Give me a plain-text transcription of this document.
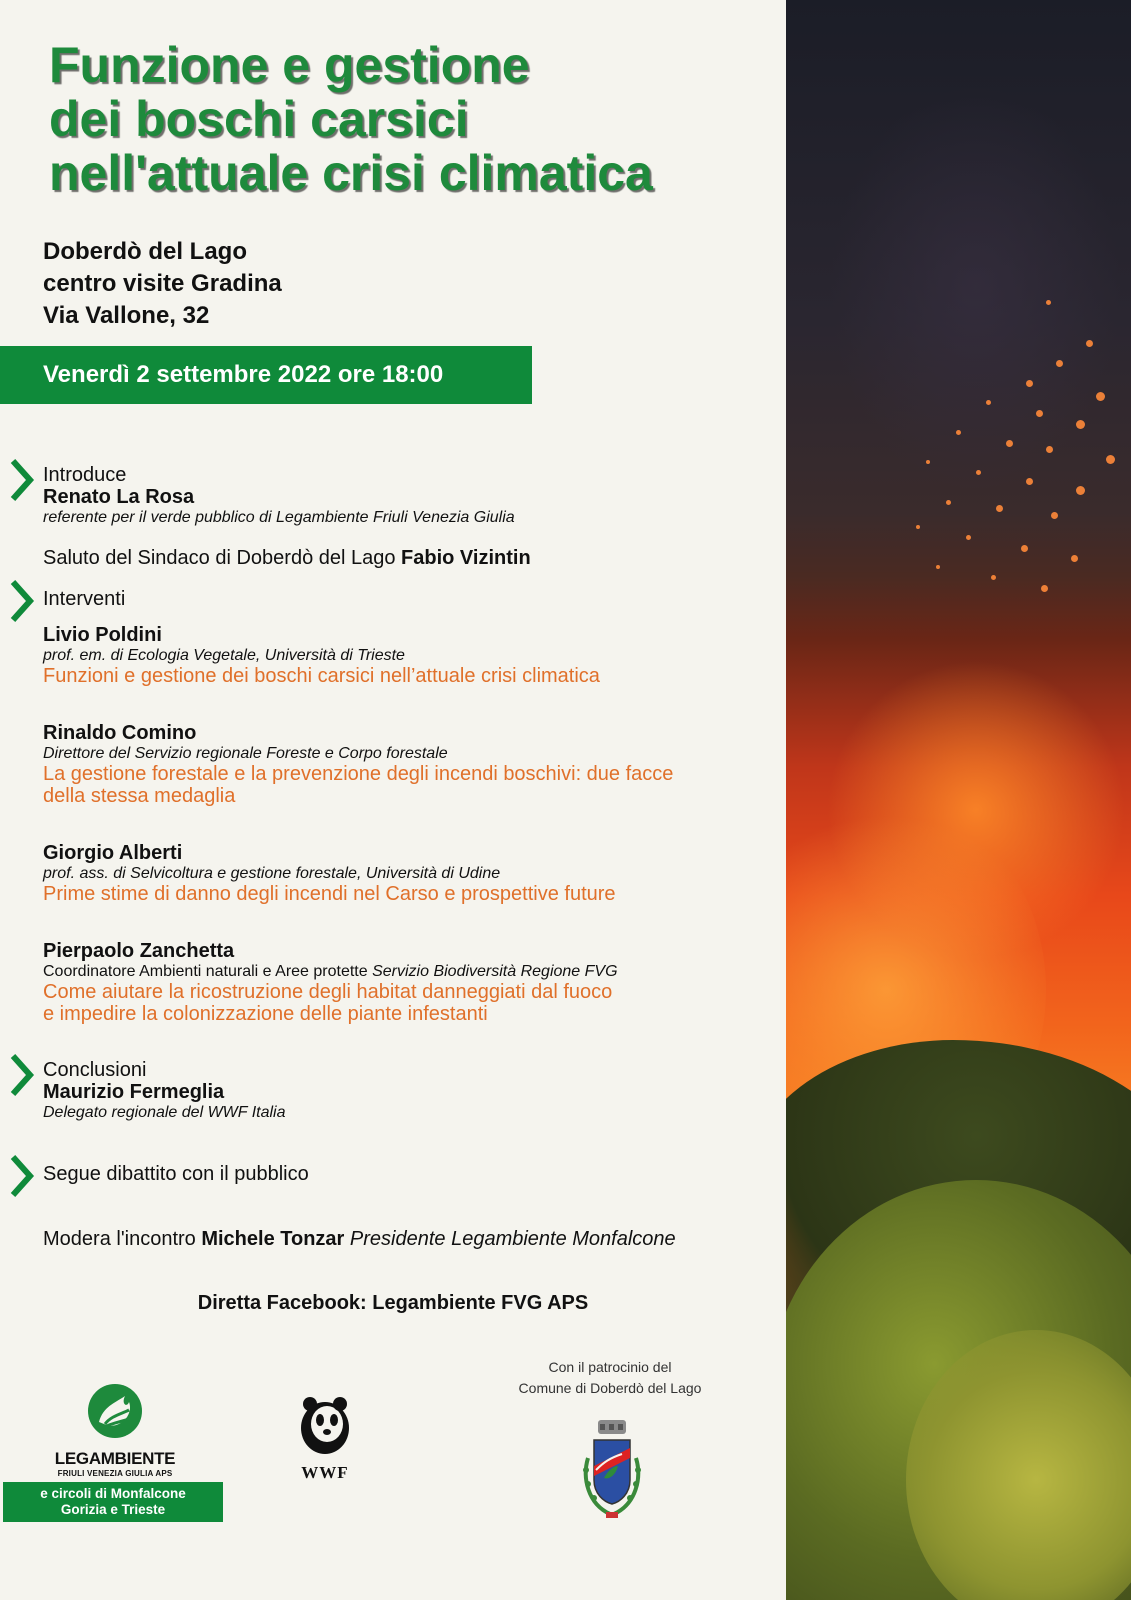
Funzione e gestione
dei boschi carsici
nell'attuale crisi climatica
Doberdò del Lago
centro visite Gradina
Via Vallone, 32
Venerdì 2 settembre 2022 ore 18:00
Introduce
Renato La Rosa
referente per il verde pubblico di Legambiente Friuli Venezia Giulia
Saluto del Sindaco di Doberdò del Lago Fabio Vizintin
Interventi
Livio Poldini
prof. em. di Ecologia Vegetale, Università di Trieste
Funzioni e gestione dei boschi carsici nell’attuale crisi climatica
Rinaldo Comino
Direttore del Servizio regionale Foreste e Corpo forestale
La gestione forestale e la prevenzione degli incendi boschivi: due facce
della stessa medaglia
Giorgio Alberti
prof. ass. di Selvicoltura e gestione forestale, Università di Udine
Prime stime di danno degli incendi nel Carso e prospettive future
Pierpaolo Zanchetta
Coordinatore Ambienti naturali e Aree protette Servizio Biodiversità Regione FVG
Come aiutare la ricostruzione degli habitat danneggiati dal fuoco
e impedire la colonizzazione delle piante infestanti
Conclusioni
Maurizio Fermeglia
Delegato regionale del WWF Italia
Segue dibattito con il pubblico
Modera l'incontro Michele Tonzar Presidente Legambiente Monfalcone
Diretta Facebook: Legambiente FVG APS
LEGAMBIENTE
FRIULI VENEZIA GIULIA APS
e circoli di Monfalcone
Gorizia e Trieste
WWF
Con il patrocinio del
Comune di Doberdò del Lago
